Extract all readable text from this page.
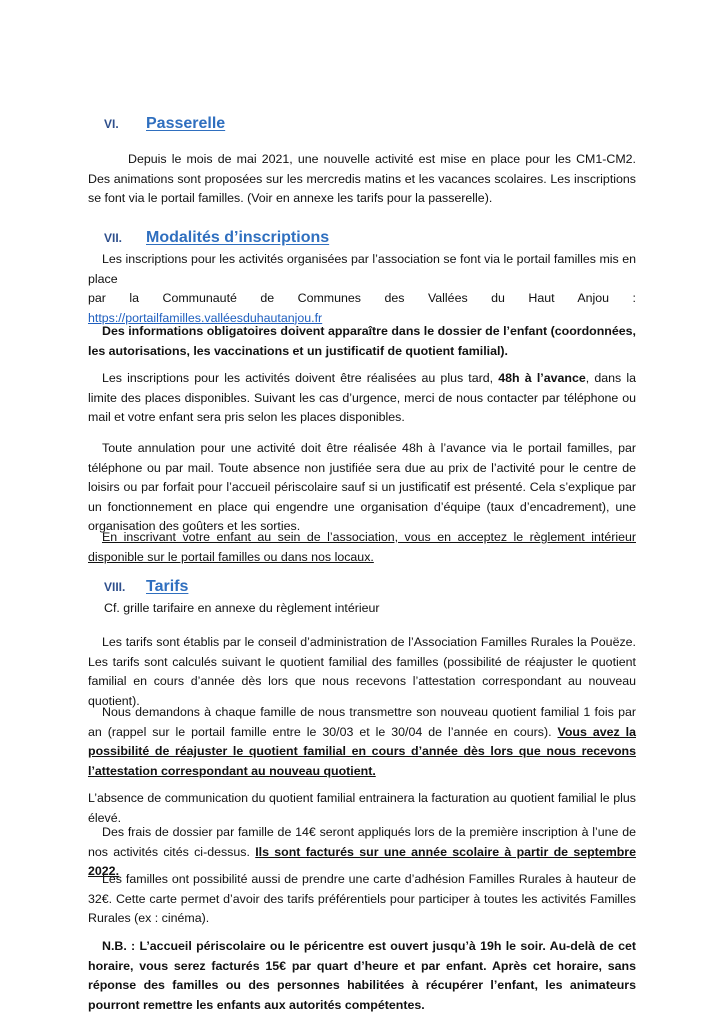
VI.	Passerelle
Depuis le mois de mai 2021, une nouvelle activité est mise en place pour les CM1-CM2. Des animations sont proposées sur les mercredis matins et les vacances scolaires. Les inscriptions se font via le portail familles. (Voir en annexe les tarifs pour la passerelle).
VII.	Modalités d’inscriptions
Les inscriptions pour les activités organisées par l’association se font via le portail familles mis en place
par la Communauté de Communes des Vallées du Haut Anjou :
https://portailfamilles.valléesduhautanjou.fr
Des informations obligatoires doivent apparaître dans le dossier de l’enfant (coordonnées, les autorisations, les vaccinations et un justificatif de quotient familial).
Les inscriptions pour les activités doivent être réalisées au plus tard, 48h à l’avance, dans la limite des places disponibles. Suivant les cas d’urgence, merci de nous contacter par téléphone ou mail et votre enfant sera pris selon les places disponibles.
Toute annulation pour une activité doit être réalisée 48h à l’avance via le portail familles, par téléphone ou par mail. Toute absence non justifiée sera due au prix de l’activité pour le centre de loisirs ou par forfait pour l’accueil périscolaire sauf si un justificatif est présenté. Cela s’explique par un fonctionnement en place qui engendre une organisation d’équipe (taux d’encadrement), une organisation des goûters et les sorties.
En inscrivant votre enfant au sein de l’association, vous en acceptez le règlement intérieur disponible sur le portail familles ou dans nos locaux.
VIII.	Tarifs
Cf. grille tarifaire en annexe du règlement intérieur
Les tarifs sont établis par le conseil d’administration de l’Association Familles Rurales la Pouëze. Les tarifs sont calculés suivant le quotient familial des familles (possibilité de réajuster le quotient familial en cours d’année dès lors que nous recevons l’attestation correspondant au nouveau quotient).
Nous demandons à chaque famille de nous transmettre son nouveau quotient familial 1 fois par an (rappel sur le portail famille entre le 30/03 et le 30/04 de l’année en cours). Vous avez la possibilité de réajuster le quotient familial en cours d’année dès lors que nous recevons l’attestation correspondant au nouveau quotient.
L’absence de communication du quotient familial entrainera la facturation au quotient familial le plus élevé.
Des frais de dossier par famille de 14€ seront appliqués lors de la première inscription à l’une de nos activités cités ci-dessus. Ils sont facturés sur une année scolaire à partir de septembre 2022.
Les familles ont possibilité aussi de prendre une carte d’adhésion Familles Rurales à hauteur de 32€. Cette carte permet d’avoir des tarifs préférentiels pour participer à toutes les activités Familles Rurales (ex : cinéma).
N.B. : L’accueil périscolaire ou le péricentre est ouvert jusqu’à 19h le soir. Au-delà de cet horaire, vous serez facturés 15€ par quart d’heure et par enfant. Après cet horaire, sans réponse des familles ou des personnes habilitées à récupérer l’enfant, les animateurs pourront remettre les enfants aux autorités compétentes.
